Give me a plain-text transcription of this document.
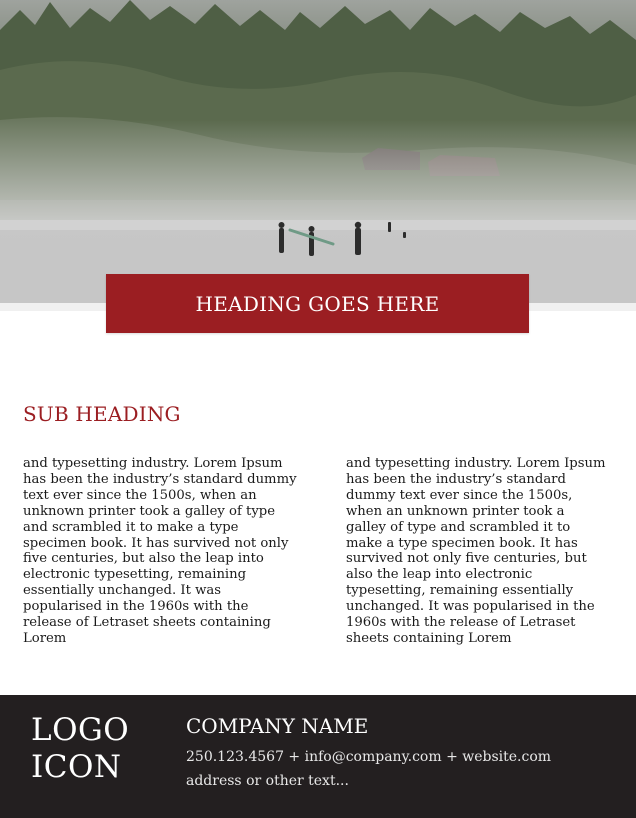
HEADING GOES HERE
SUB HEADING
and typesetting industry. Lorem Ipsum has been the industry’s standard dummy text ever since the 1500s, when an unknown printer took a galley of type and scrambled it to make a type specimen book. It has survived not only five centuries, but also the leap into electronic typesetting, remaining essentially unchanged. It was popularised in the 1960s with the release of Letraset sheets containing Lorem
and typesetting industry. Lorem Ipsum has been the industry’s standard dummy text ever since the 1500s, when an unknown printer took a galley of type and scrambled it to make a type specimen book. It has survived not only five centuries, but also the leap into electronic typesetting, remaining essentially unchanged. It was popularised in the 1960s with the release of Letraset sheets containing Lorem
LOGO
ICON
COMPANY NAME
250.123.4567 + info@company.com + website.com
address or other text...
